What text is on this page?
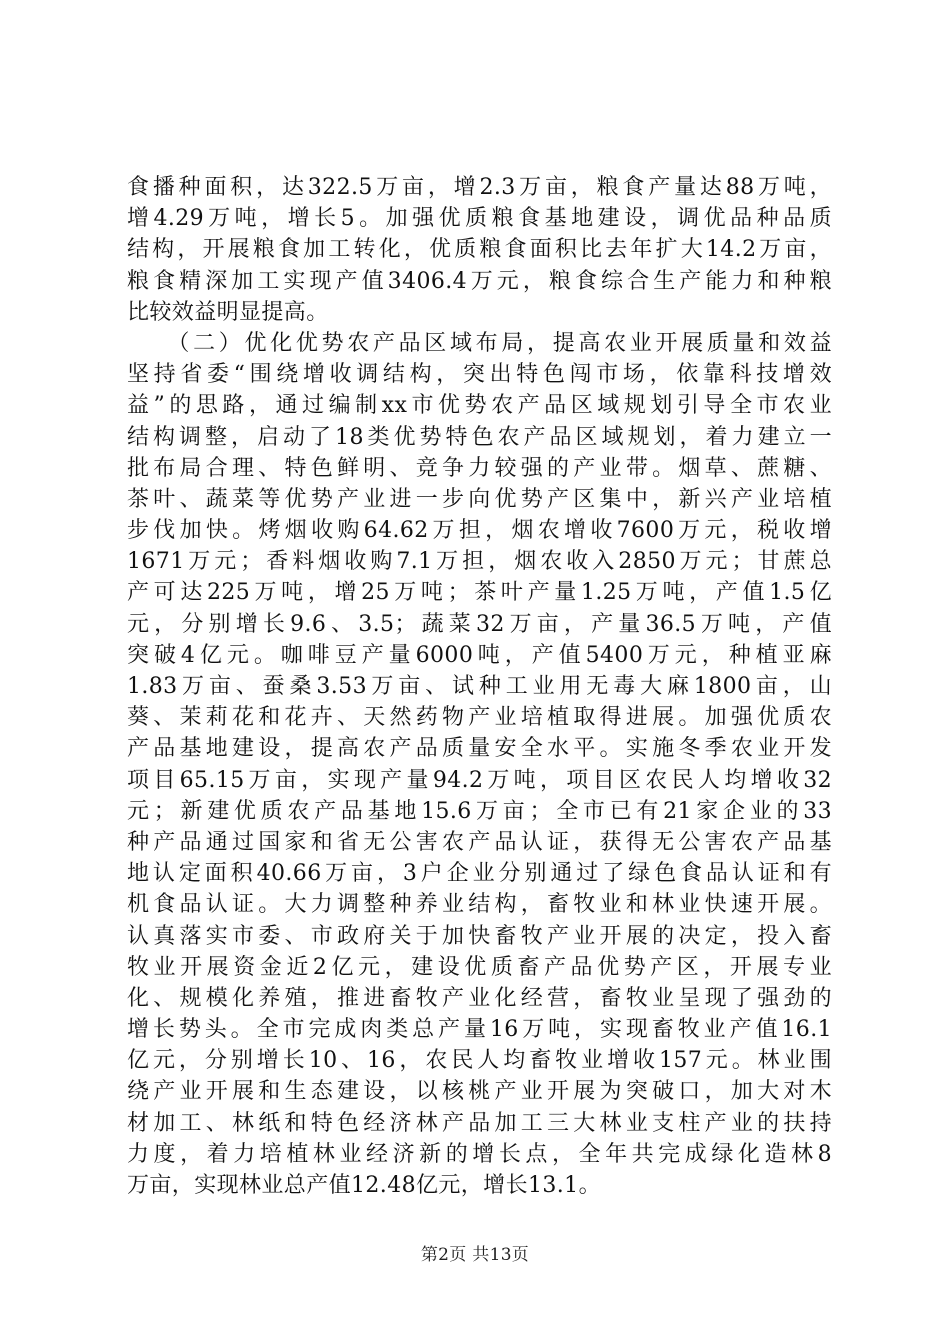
食播种面积，达322.5万亩，增2.3万亩，粮食产量达88万吨，
增4.29万吨，增长5。加强优质粮食基地建设，调优品种品质
结构，开展粮食加工转化，优质粮食面积比去年扩大14.2万亩，
粮食精深加工实现产值3406.4万元，粮食综合生产能力和种粮
比较效益明显提高。
　　（二）优化优势农产品区域布局，提高农业开展质量和效益
坚持省委“围绕增收调结构，突出特色闯市场，依靠科技增效
益”的思路，通过编制xx市优势农产品区域规划引导全市农业
结构调整，启动了18类优势特色农产品区域规划，着力建立一
批布局合理、特色鲜明、竞争力较强的产业带。烟草、蔗糖、
茶叶、蔬菜等优势产业进一步向优势产区集中，新兴产业培植
步伐加快。烤烟收购64.62万担，烟农增收7600万元，税收增
1671万元；香料烟收购7.1万担，烟农收入2850万元；甘蔗总
产可达225万吨，增25万吨；茶叶产量1.25万吨，产值1.5亿
元，分别增长9.6、3.5；蔬菜32万亩，产量36.5万吨，产值
突破4亿元。咖啡豆产量6000吨，产值5400万元，种植亚麻
1.83万亩、蚕桑3.53万亩、试种工业用无毒大麻1800亩，山
葵、茉莉花和花卉、天然药物产业培植取得进展。加强优质农
产品基地建设，提高农产品质量安全水平。实施冬季农业开发
项目65.15万亩，实现产量94.2万吨，项目区农民人均增收32
元；新建优质农产品基地15.6万亩；全市已有21家企业的33
种产品通过国家和省无公害农产品认证，获得无公害农产品基
地认定面积40.66万亩，3户企业分别通过了绿色食品认证和有
机食品认证。大力调整种养业结构，畜牧业和林业快速开展。
认真落实市委、市政府关于加快畜牧产业开展的决定，投入畜
牧业开展资金近2亿元，建设优质畜产品优势产区，开展专业
化、规模化养殖，推进畜牧产业化经营，畜牧业呈现了强劲的
增长势头。全市完成肉类总产量16万吨，实现畜牧业产值16.1
亿元，分别增长10、16，农民人均畜牧业增收157元。林业围
绕产业开展和生态建设，以核桃产业开展为突破口，加大对木
材加工、林纸和特色经济林产品加工三大林业支柱产业的扶持
力度，着力培植林业经济新的增长点，全年共完成绿化造林8
万亩，实现林业总产值12.48亿元，增长13.1。
第2页 共13页
